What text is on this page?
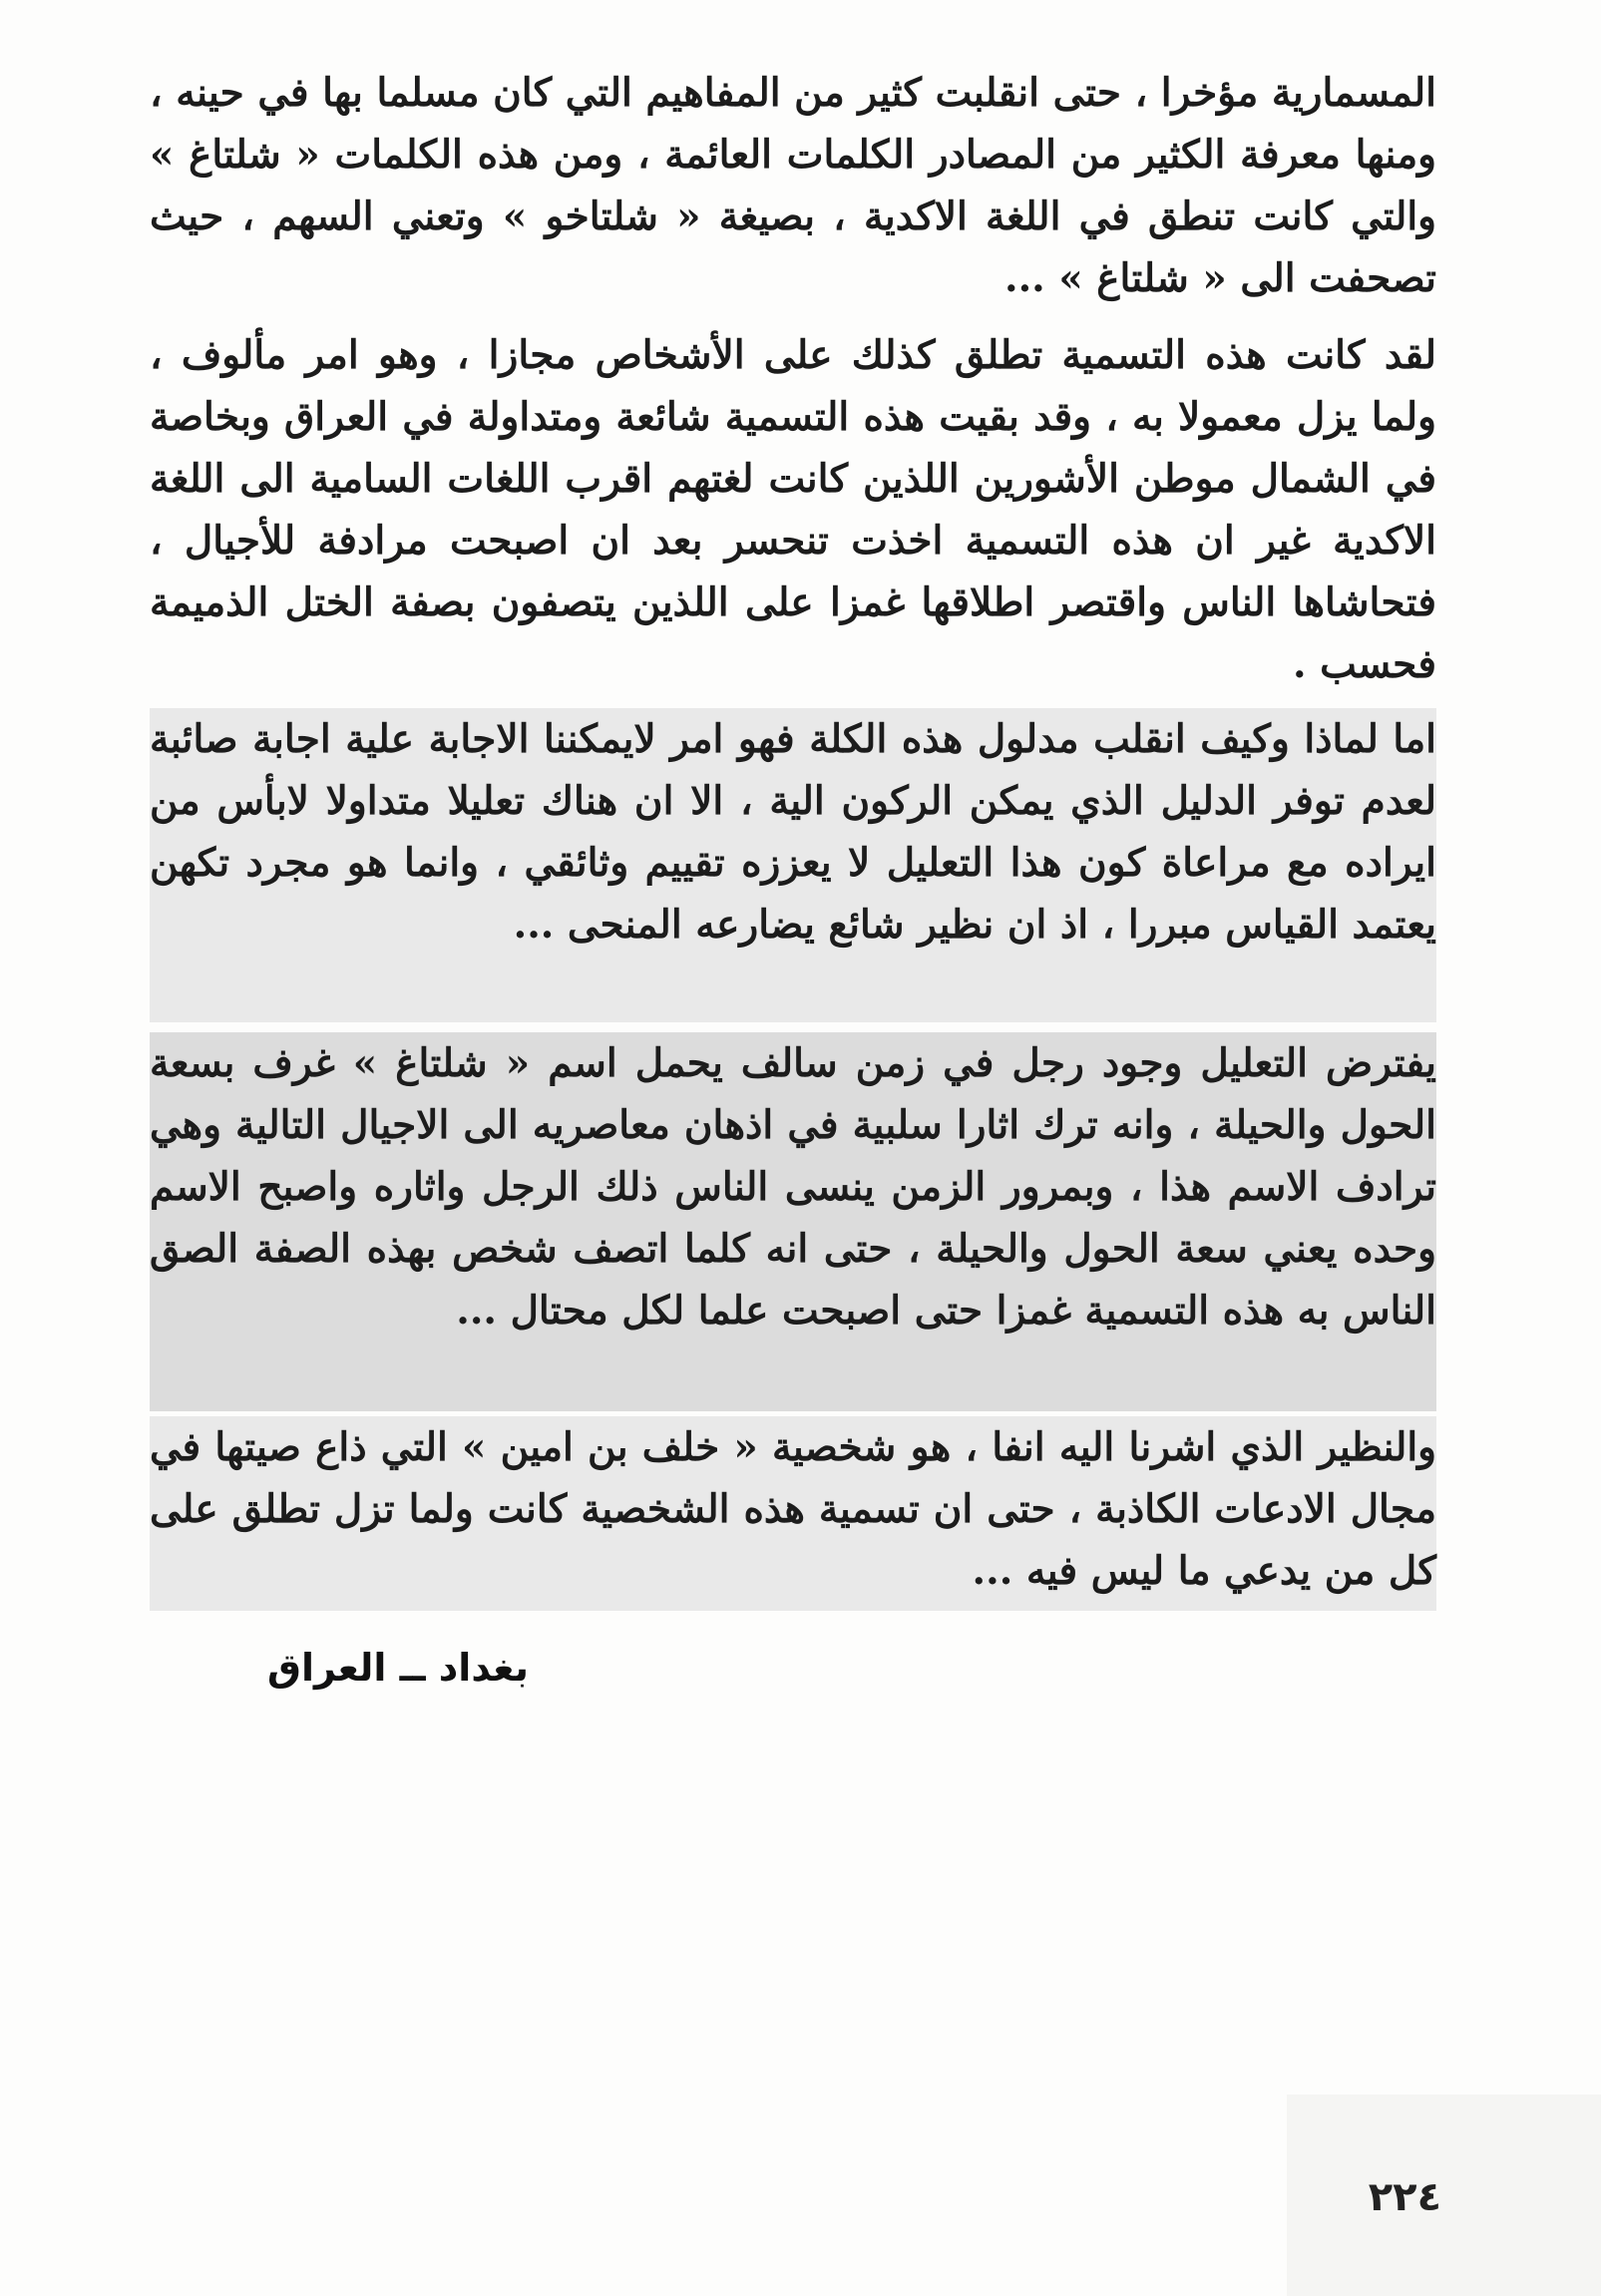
المسمارية مؤخرا ، حتى انقلبت كثير من المفاهيم التي كان مسلما بها في حينه ، ومنها معرفة الكثير من المصادر الكلمات العائمة ، ومن هذه الكلمات « شلتاغ » والتي كانت تنطق في اللغة الاكدية ، بصيغة « شلتاخو » وتعني السهم ، حيث تصحفت الى « شلتاغ » ...

لقد كانت هذه التسمية تطلق كذلك على الأشخاص مجازا ، وهو امر مألوف ، ولما يزل معمولا به ، وقد بقيت هذه التسمية شائعة ومتداولة في العراق وبخاصة في الشمال موطن الأشورين اللذين كانت لغتهم اقرب اللغات السامية الى اللغة الاكدية غير ان هذه التسمية اخذت تنحسر بعد ان اصبحت مرادفة للأجيال ، فتحاشاها الناس واقتصر اطلاقها غمزا على اللذين يتصفون بصفة الختل الذميمة فحسب .

اما لماذا وكيف انقلب مدلول هذه الكلة فهو امر لايمكننا الاجابة علية اجابة صائبة لعدم توفر الدليل الذي يمكن الركون الية ، الا ان هناك تعليلا متداولا لابأس من ايراده مع مراعاة كون هذا التعليل لا يعززه تقييم وثائقي ، وانما هو مجرد تكهن يعتمد القياس مبررا ، اذ ان نظير شائع يضارعه المنحى ...

يفترض التعليل وجود رجل في زمن سالف يحمل اسم « شلتاغ » غرف بسعة الحول والحيلة ، وانه ترك اثارا سلبية في اذهان معاصريه الى الاجيال التالية وهي ترادف الاسم هذا ، وبمرور الزمن ينسى الناس ذلك الرجل واثاره واصبح الاسم وحده يعني سعة الحول والحيلة ، حتى انه كلما اتصف شخص بهذه الصفة الصق الناس به هذه التسمية غمزا حتى اصبحت علما لكل محتال ...

والنظير الذي اشرنا اليه انفا ، هو شخصية « خلف بن امين » التي ذاع صيتها في مجال الادعات الكاذبة ، حتى ان تسمية هذه الشخصية كانت ولما تزل تطلق على كل من يدعي ما ليس فيه ...

بغداد ــ العراق
٢٢٤
